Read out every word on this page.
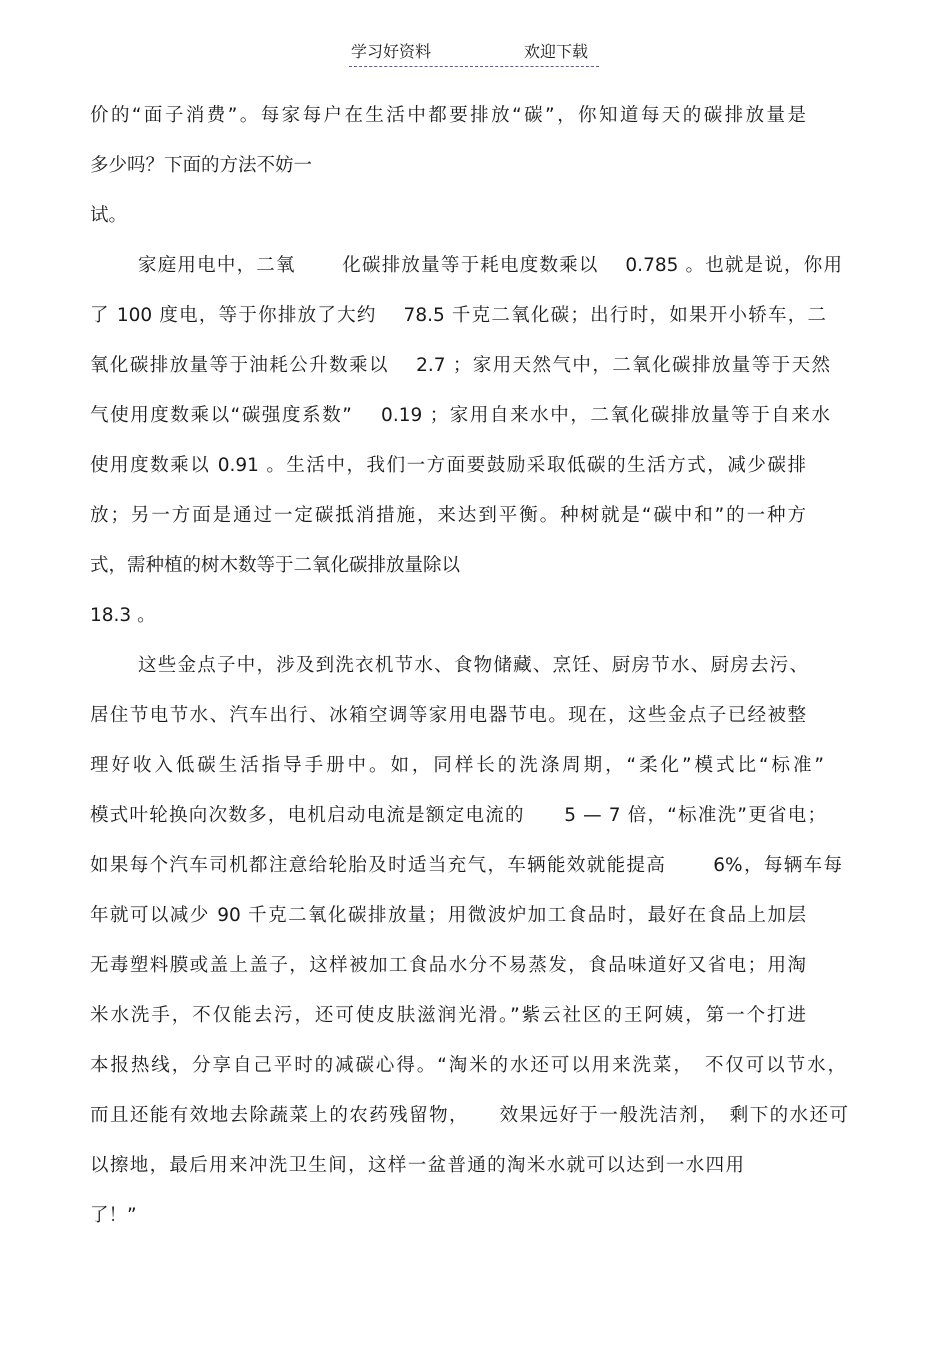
学习好资料	欢迎下载
价的“面子消费”。每家每户在生活中都要排放“碳”，你知道每天的碳排放量是
多少吗？下面的方法不妨一
试。
家庭用电中，二氧　　 化碳排放量等于耗电度数乘以　 0.785 。也就是说，你用
了 100 度电，等于你排放了大约　 78.5 千克二氧化碳；出行时，如果开小轿车，二
氧化碳排放量等于油耗公升数乘以　 2.7 ；家用天然气中，二氧化碳排放量等于天然
气使用度数乘以“碳强度系数”　 0.19 ；家用自来水中，二氧化碳排放量等于自来水
使用度数乘以 0.91 。生活中，我们一方面要鼓励采取低碳的生活方式，减少碳排
放；另一方面是通过一定碳抵消措施，来达到平衡。种树就是“碳中和”的一种方
式，需种植的树木数等于二氧化碳排放量除以
18.3 。
这些金点子中，涉及到洗衣机节水、食物储藏、烹饪、厨房节水、厨房去污、
居住节电节水、汽车出行、冰箱空调等家用电器节电。现在，这些金点子已经被整
理好收入低碳生活指导手册中。如，同样长的洗涤周期，“柔化”模式比“标准”
模式叶轮换向次数多，电机启动电流是额定电流的　　5 — 7 倍，“标准洗”更省电；
如果每个汽车司机都注意给轮胎及时适当充气，车辆能效就能提高　　 6%，每辆车每
年就可以减少 90 千克二氧化碳排放量；用微波炉加工食品时，最好在食品上加层
无毒塑料膜或盖上盖子，这样被加工食品水分不易蒸发，食品味道好又省电；用淘
米水洗手，不仅能去污，还可使皮肤滋润光滑。”紫云社区的王阿姨，第一个打进
本报热线，分享自己平时的减碳心得。“淘米的水还可以用来洗菜，　不仅可以节水，
而且还能有效地去除蔬菜上的农药残留物，　　效果远好于一般洗洁剂，　剩下的水还可
以擦地，最后用来冲洗卫生间，这样一盆普通的淘米水就可以达到一水四用
了！”
